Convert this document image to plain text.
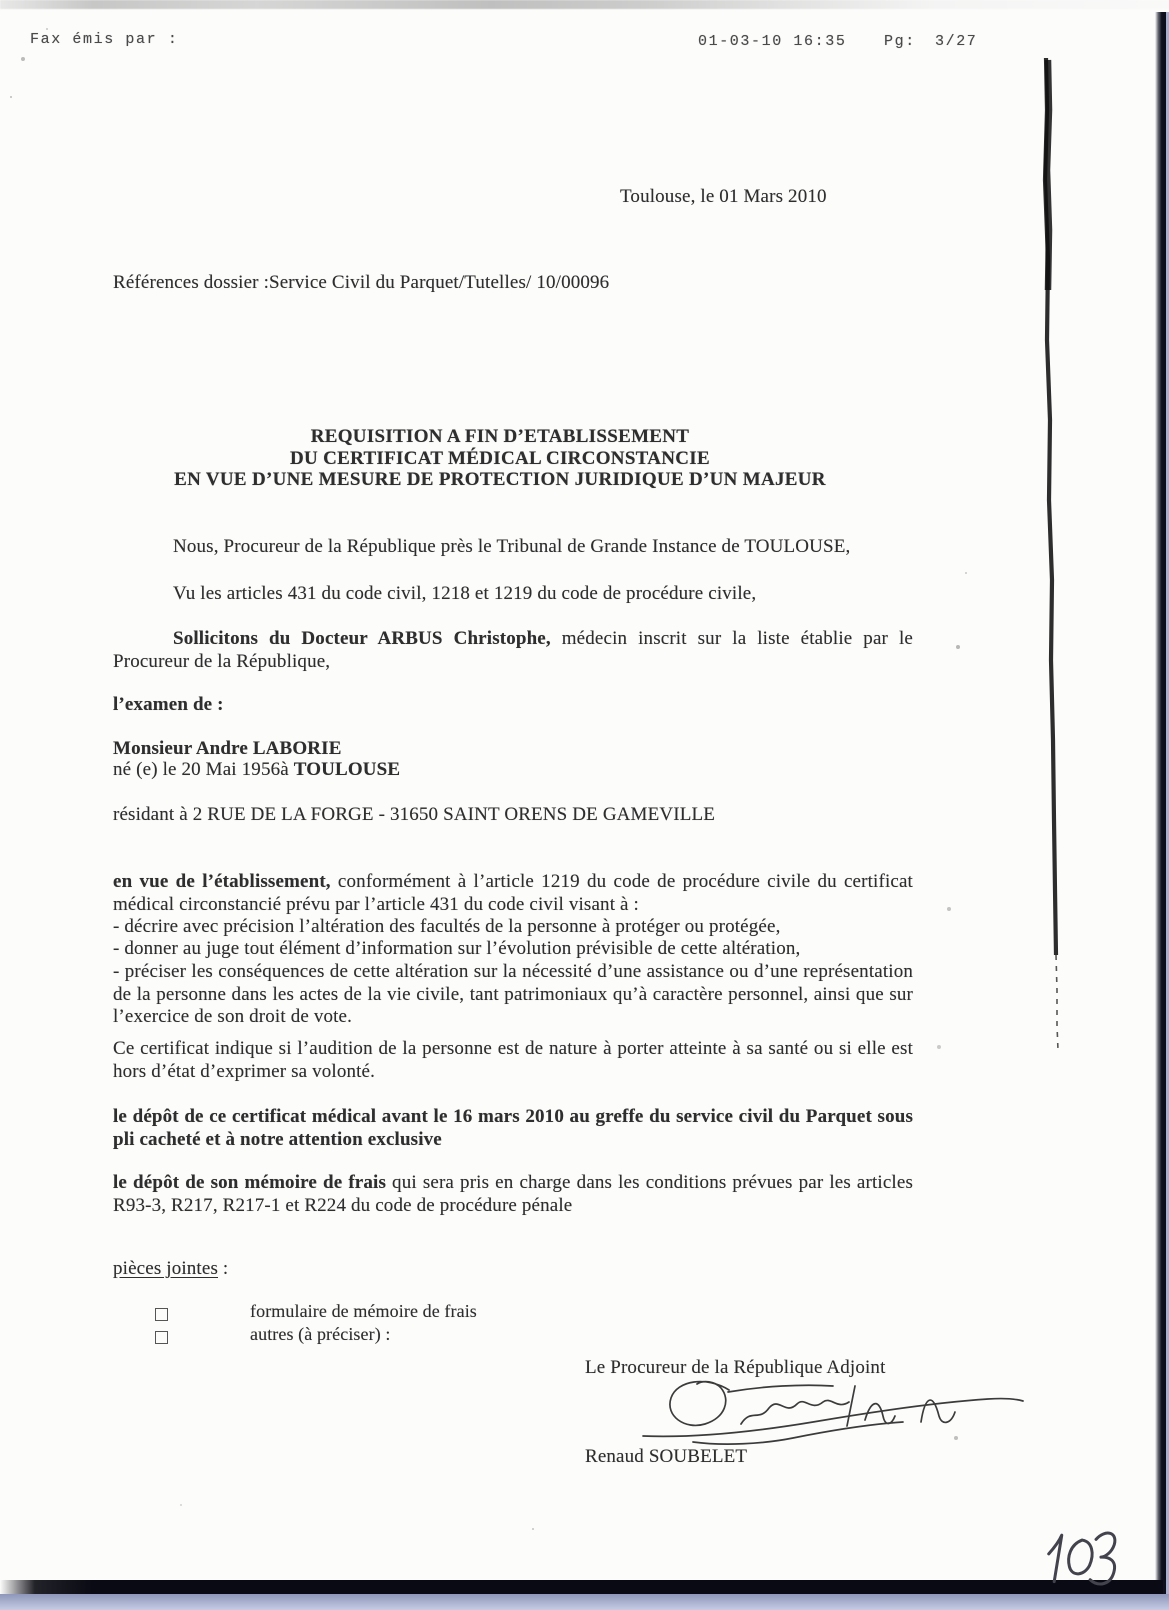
Fax émis par :	01-03-10 16:35	Pg: 3/27

Toulouse, le 01 Mars 2010

Références dossier :Service Civil du Parquet/Tutelles/ 10/00096

REQUISITION A FIN D’ETABLISSEMENT
DU CERTIFICAT MÉDICAL CIRCONSTANCIE
EN VUE D’UNE MESURE DE PROTECTION JURIDIQUE D’UN MAJEUR

Nous, Procureur de la République près le Tribunal de Grande Instance de TOULOUSE,

Vu les articles 431 du code civil, 1218 et 1219 du code de procédure civile,

Sollicitons du Docteur ARBUS Christophe, médecin inscrit sur la liste établie par le Procureur de la République,

l’examen de :

Monsieur Andre LABORIE

né (e) le 20 Mai 1956à TOULOUSE

résidant à 2 RUE DE LA FORGE - 31650 SAINT ORENS DE GAMEVILLE

en vue de l’établissement, conformément à l’article 1219 du code de procédure civile du certificat médical circonstancié prévu par l’article 431 du code civil visant à :

- décrire avec précision l’altération des facultés de la personne à protéger ou protégée,

- donner au juge tout élément d’information sur l’évolution prévisible de cette altération,

- préciser les conséquences de cette altération sur la nécessité d’une assistance ou d’une représentation de la personne dans les actes de la vie civile, tant patrimoniaux qu’à caractère personnel, ainsi que sur l’exercice de son droit de vote.

Ce certificat indique si l’audition de la personne est de nature à porter atteinte à sa santé ou si elle est hors d’état d’exprimer sa volonté.

le dépôt de ce certificat médical avant le 16 mars 2010 au greffe du service civil du Parquet sous pli cacheté et à notre attention exclusive

le dépôt de son mémoire de frais qui sera pris en charge dans les conditions prévues par les articles R93-3, R217, R217-1 et R224 du code de procédure pénale

pièces jointes :

formulaire de mémoire de frais
autres (à préciser) :

Le Procureur de la République Adjoint

Renaud SOUBELET
